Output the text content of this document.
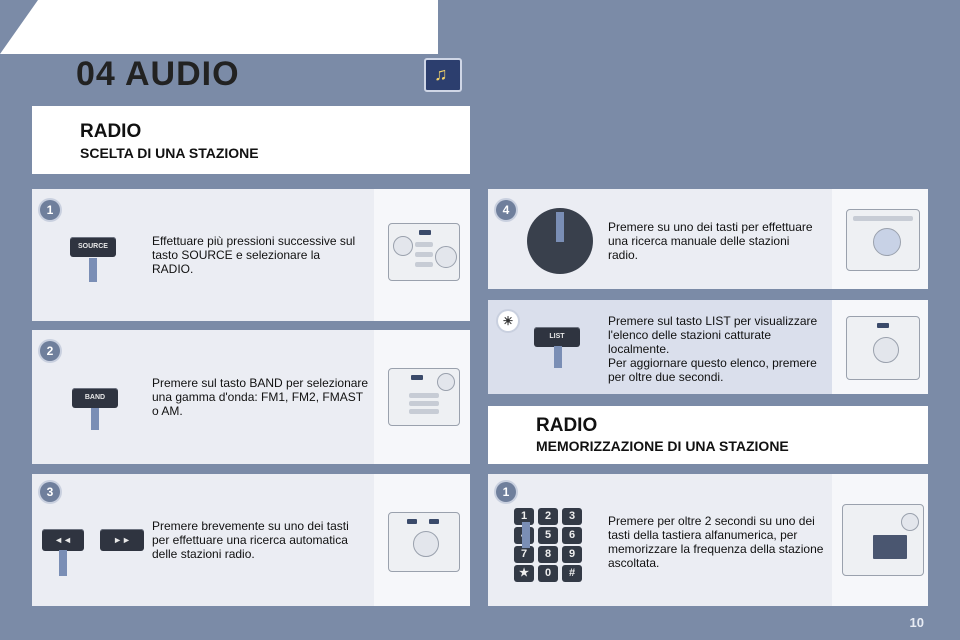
04 AUDIO	♫
RADIO
SCELTA DI UNA STAZIONE
1
SOURCE	Effettuare più pressioni successive sul tasto SOURCE e selezionare la RADIO.
2
BAND
Premere sul tasto BAND per selezionare una gamma d'onda: FM1, FM2, FMAST o AM.
3
◄◄	►►
Premere brevemente su uno dei tasti per effettuare una ricerca automatica delle stazioni radio.
4
Premere su uno dei tasti per effettuare una ricerca manuale delle stazioni radio.
☀
LIST
Premere sul tasto LIST per visualizzare l'elenco delle stazioni catturate localmente.
Per aggiornare questo elenco, premere per oltre due secondi.
RADIO
MEMORIZZAZIONE DI UNA STAZIONE
1
1	2	3
5	6
7	8	9
★	0	#
Premere per oltre 2 secondi su uno dei tasti della tastiera alfanumerica, per memorizzare la frequenza della stazione ascoltata.
10
